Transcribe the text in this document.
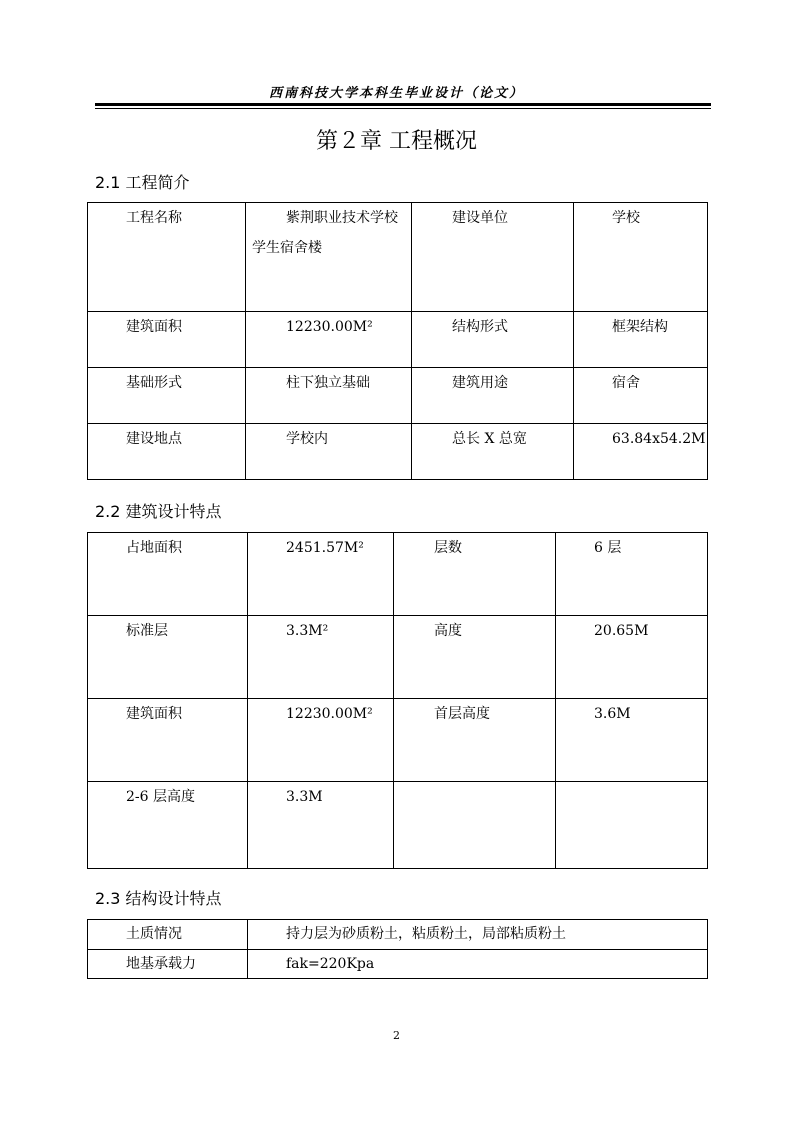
西南科技大学本科生毕业设计（论文）
第２章 工程概况
2.1 工程简介
工程名称	紫荆职业技术学校学生宿舍楼	建设单位	学校

建筑面积	12230.00M²	结构形式	框架结构

基础形式	柱下独立基础	建筑用途	宿舍

建设地点	学校内	总长 X 总宽	63.84x54.2M
2.2 建筑设计特点
占地面积	2451.57M²	层数	6 层

标准层	3.3M²	高度	20.65M

建筑面积	12230.00M²	首层高度	3.6M

2-6 层高度	3.3M		

2.3 结构设计特点
土质情况	持力层为砂质粉土，粘质粉土，局部粘质粉土

地基承载力	fak=220Kpa
2
